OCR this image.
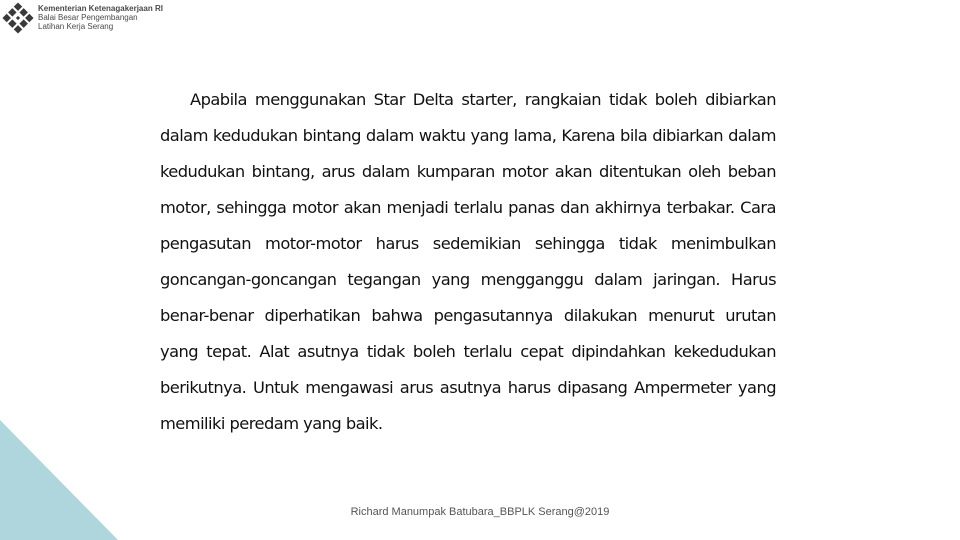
Kementerian Ketenagakerjaan RI
Balai Besar Pengembangan
Latihan Kerja Serang

Apabila menggunakan Star Delta starter, rangkaian tidak boleh dibiarkan dalam kedudukan bintang dalam waktu yang lama, Karena bila dibiarkan dalam kedudukan bintang, arus dalam kumparan motor akan ditentukan oleh beban motor, sehingga motor akan menjadi terlalu panas dan akhirnya terbakar. Cara pengasutan motor-motor harus sedemikian sehingga tidak menimbulkan goncangan-goncangan tegangan yang mengganggu dalam jaringan. Harus benar-benar diperhatikan bahwa pengasutannya dilakukan menurut urutan yang tepat. Alat asutnya tidak boleh terlalu cepat dipindahkan kekedudukan berikutnya. Untuk mengawasi arus asutnya harus dipasang Ampermeter yang memiliki peredam yang baik.

Richard Manumpak Batubara_BBPLK Serang@2019
